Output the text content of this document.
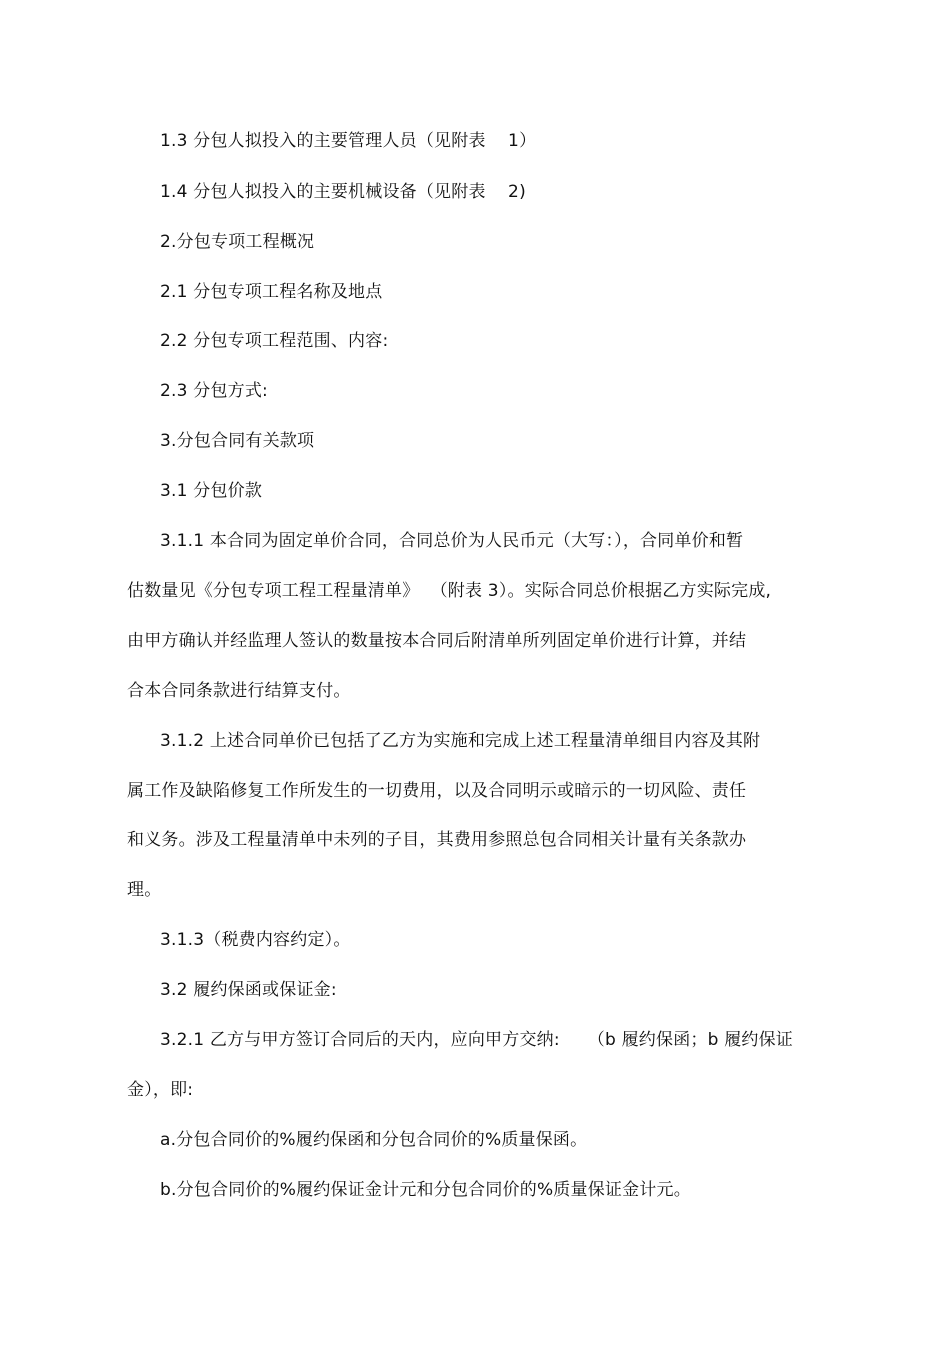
1.3 分包人拟投入的主要管理人员（见附表    1）
1.4 分包人拟投入的主要机械设备（见附表    2)
2.分包专项工程概况
2.1 分包专项工程名称及地点
2.2 分包专项工程范围、内容:
2.3 分包方式:
3.分包合同有关款项
3.1 分包价款
3.1.1 本合同为固定单价合同，合同总价为人民币元（大写：），合同单价和暂
估数量见《分包专项工程工程量清单》  （附表 3）。实际合同总价根据乙方实际完成,
由甲方确认并经监理人签认的数量按本合同后附清单所列固定单价进行计算，并结
合本合同条款进行结算支付。
3.1.2 上述合同单价已包括了乙方为实施和完成上述工程量清单细目内容及其附
属工作及缺陷修复工作所发生的一切费用，以及合同明示或暗示的一切风险、责任
和义务。涉及工程量清单中未列的子目，其费用参照总包合同相关计量有关条款办
理。
3.1.3（税费内容约定）。
3.2 履约保函或保证金:
3.2.1 乙方与甲方签订合同后的天内，应向甲方交纳:     （b 履约保函；b 履约保证
金），即:
a.分包合同价的%履约保函和分包合同价的%质量保函。
b.分包合同价的%履约保证金计元和分包合同价的%质量保证金计元。
